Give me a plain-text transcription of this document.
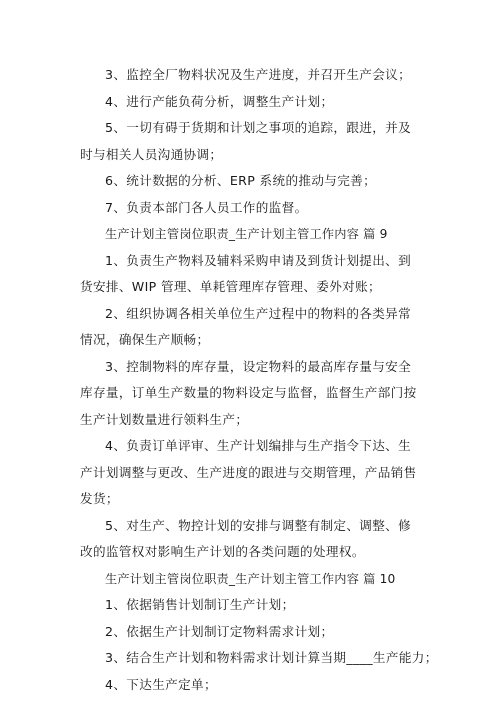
3、监控全厂物料状况及生产进度，并召开生产会议；
4、进行产能负荷分析，调整生产计划；
5、一切有碍于货期和计划之事项的追踪，跟进，并及
时与相关人员沟通协调；
6、统计数据的分析、ERP 系统的推动与完善；
7、负责本部门各人员工作的监督。
生产计划主管岗位职责_生产计划主管工作内容 篇 9
1、负责生产物料及辅料采购申请及到货计划提出、到
货安排、WIP 管理、单耗管理库存管理、委外对账；
2、组织协调各相关单位生产过程中的物料的各类异常
情况，确保生产顺畅；
3、控制物料的库存量，设定物料的最高库存量与安全
库存量，订单生产数量的物料设定与监督，监督生产部门按
生产计划数量进行领料生产；
4、负责订单评审、生产计划编排与生产指令下达、生
产计划调整与更改、生产进度的跟进与交期管理，产品销售
发货；
5、对生产、物控计划的安排与调整有制定、调整、修
改的监管权对影响生产计划的各类问题的处理权。
生产计划主管岗位职责_生产计划主管工作内容 篇 10
1、依据销售计划制订生产计划；
2、依据生产计划制订定物料需求计划；
3、结合生产计划和物料需求计划计算当期____生产能力；
4、下达生产定单；
